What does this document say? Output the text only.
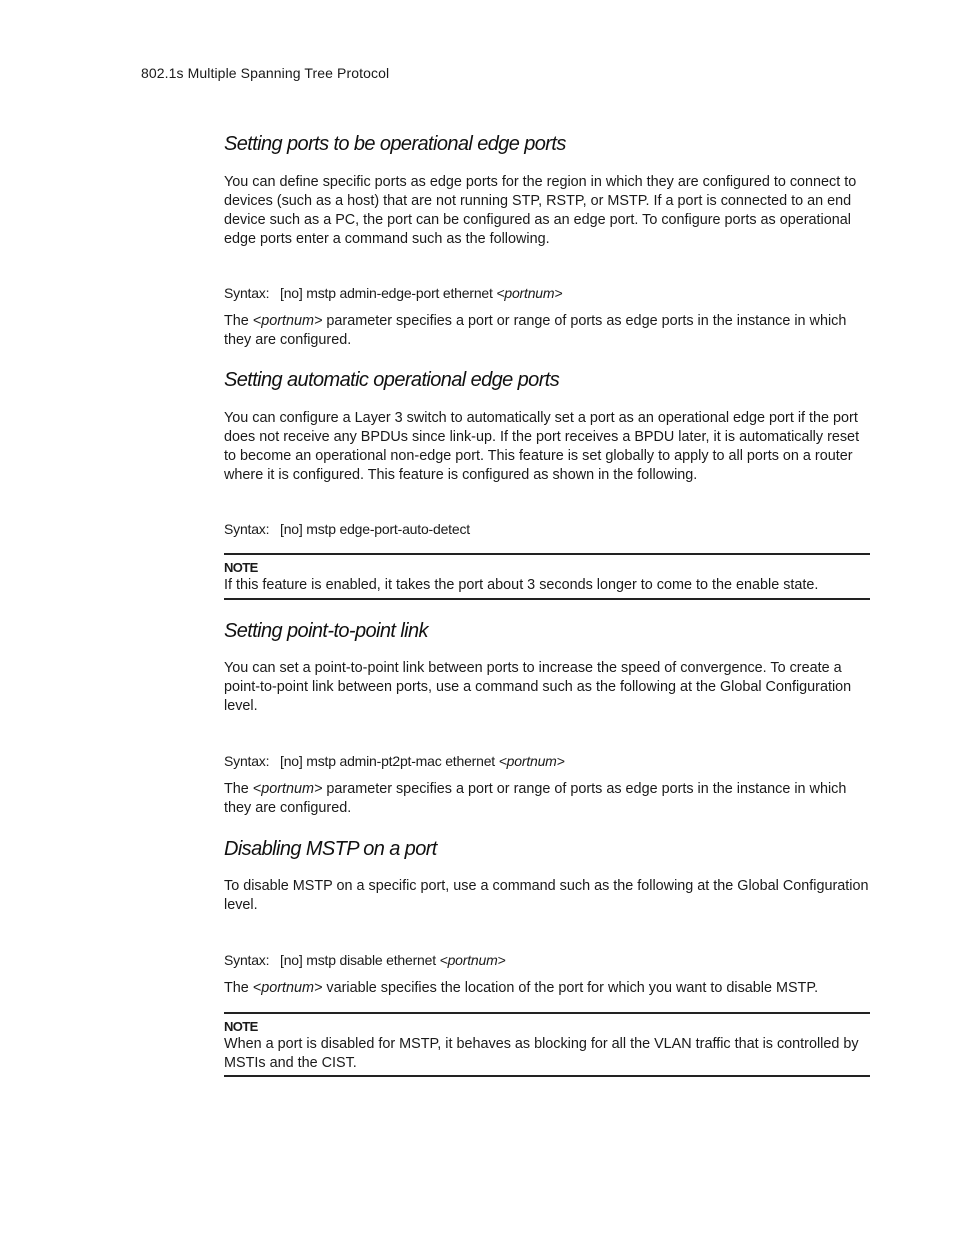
802.1s Multiple Spanning Tree Protocol
Setting ports to be operational edge ports

You can define specific ports as edge ports for the region in which they are configured to connect to devices (such as a host) that are not running STP, RSTP, or MSTP. If a port is connected to an end device such as a PC, the port can be configured as an edge port. To configure ports as operational edge ports enter a command such as the following.

Syntax: [no] mstp admin-edge-port ethernet <portnum>

The <portnum> parameter specifies a port or range of ports as edge ports in the instance in which they are configured.

Setting automatic operational edge ports

You can configure a Layer 3 switch to automatically set a port as an operational edge port if the port does not receive any BPDUs since link-up. If the port receives a BPDU later, it is automatically reset to become an operational non-edge port. This feature is set globally to apply to all ports on a router where it is configured. This feature is configured as shown in the following.

Syntax: [no] mstp edge-port-auto-detect

NOTE
If this feature is enabled, it takes the port about 3 seconds longer to come to the enable state.
Setting point-to-point link

You can set a point-to-point link between ports to increase the speed of convergence. To create a point-to-point link between ports, use a command such as the following at the Global Configuration level.

Syntax: [no] mstp admin-pt2pt-mac ethernet <portnum>

The <portnum> parameter specifies a port or range of ports as edge ports in the instance in which they are configured.

Disabling MSTP on a port

To disable MSTP on a specific port, use a command such as the following at the Global Configuration level.

Syntax: [no] mstp disable ethernet <portnum>

The <portnum> variable specifies the location of the port for which you want to disable MSTP.

NOTE
When a port is disabled for MSTP, it behaves as blocking for all the VLAN traffic that is controlled by MSTIs and the CIST.
